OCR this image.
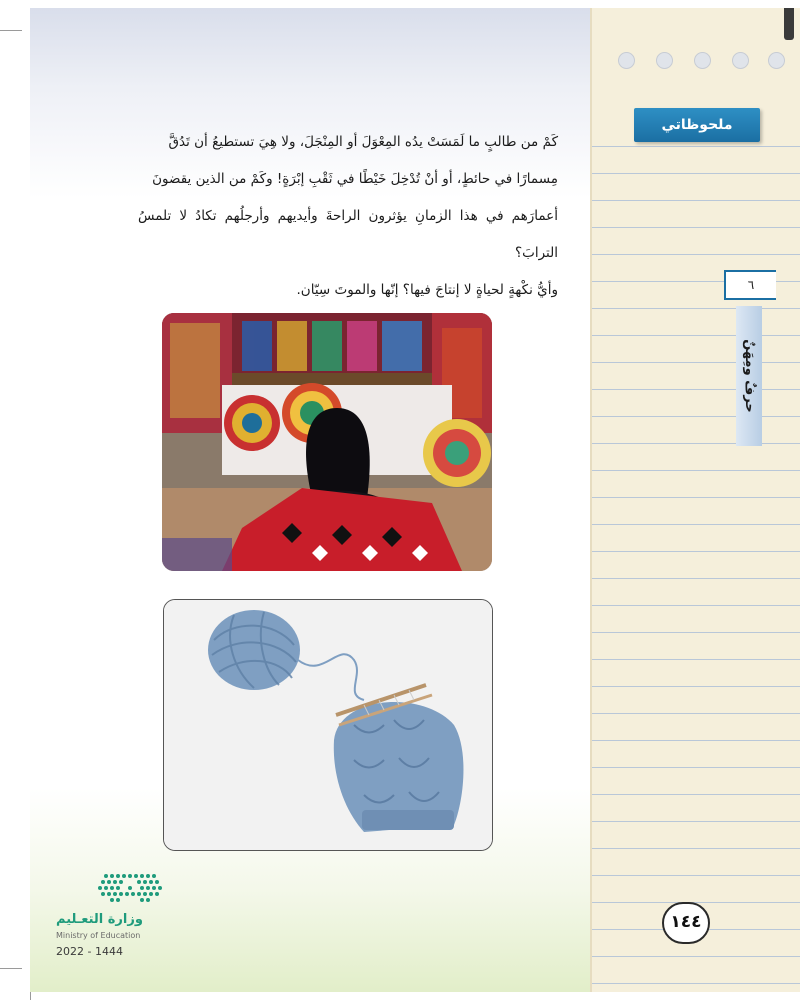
كَمْ من طالبٍ ما لَمَسَتْ يدُه المِعْوَلَ أو المِنْجَلَ، ولا هِيَ تستطيعُ أن تَدُقَّ

مِسمارًا في حائطٍ، أو أنْ تُدْخِلَ خَيْطًا في ثَقْبِ إبْرَةٍ! وكَمْ من الذين يقضونَ

أعمارَهم في هذا الزمانِ يؤثرون الراحةَ وأيديهم وأرجلُهم تكادُ لا تلمسُ الترابَ؟

وأيُّ نكْهةٍ لحياةٍ لا إنتاجَ فيها؟ إنّها والموتَ سِيّان.

وزارة التعـليم
Ministry of Education
2022 - 1444
ملحوظاتي
٦
حرفٌ ومِهَنٌ
١٤٤
